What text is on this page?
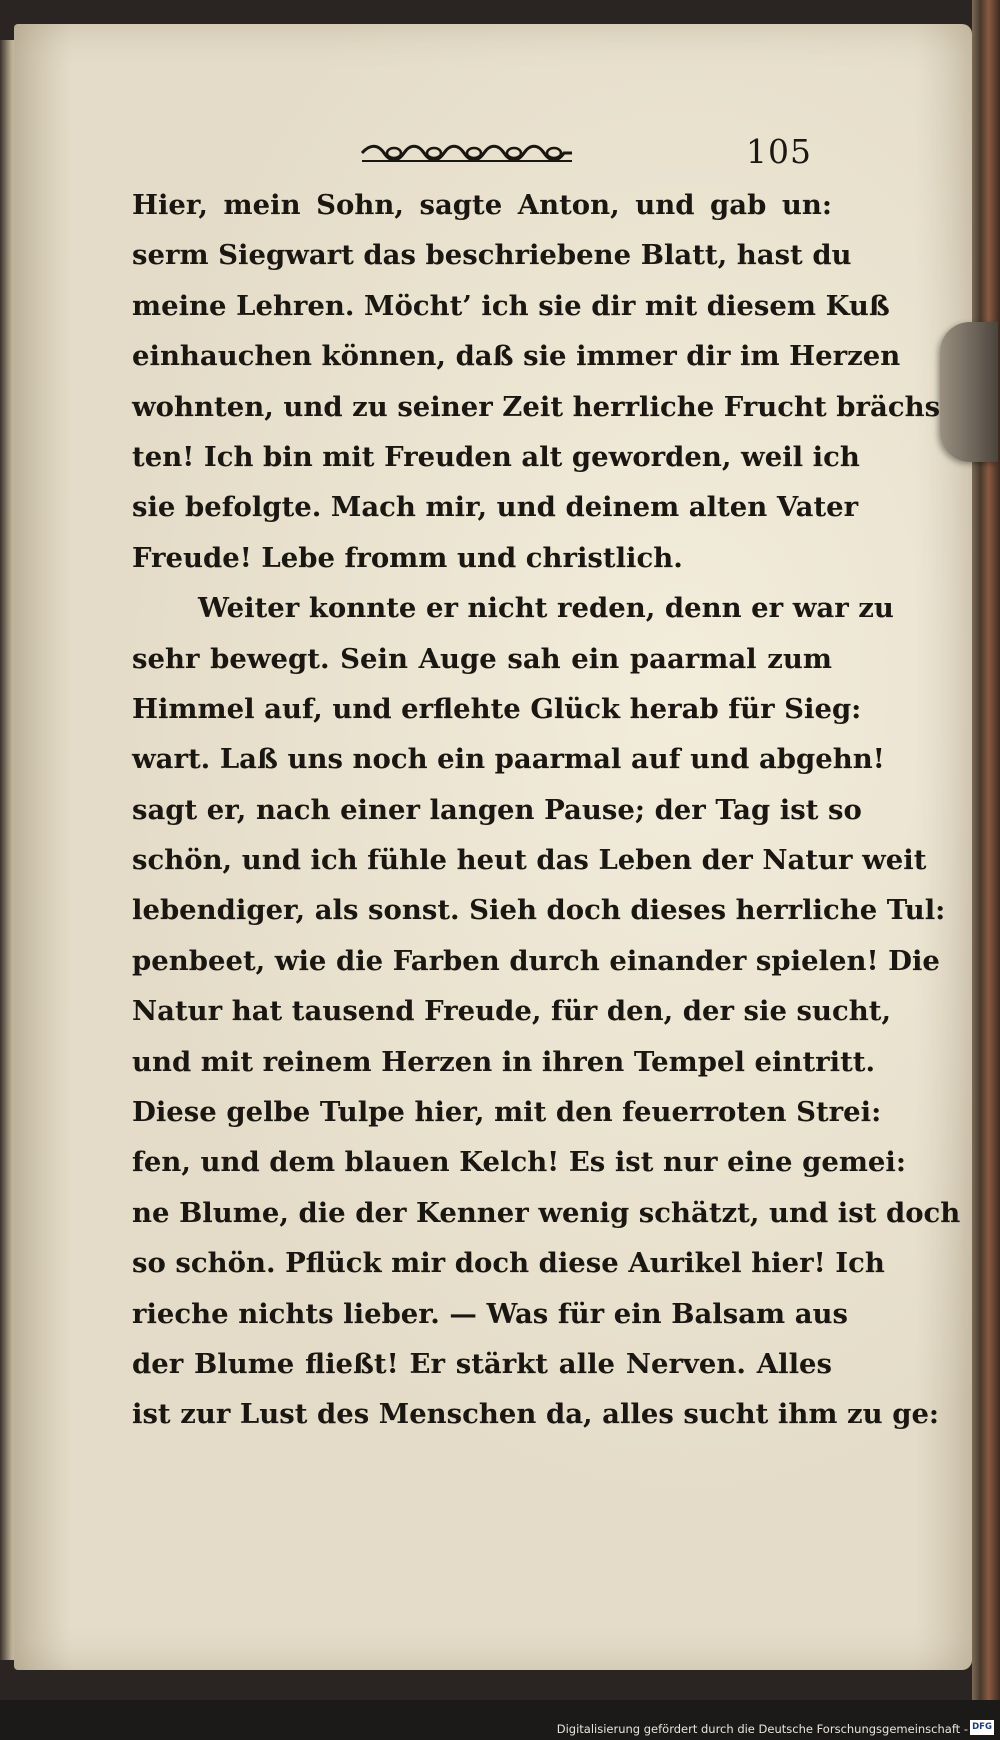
105
Hier, mein Sohn, sagte Anton, und gab un:
serm Siegwart das beschriebene Blatt, hast du
meine Lehren. Möcht’ ich sie dir mit diesem Kuß
einhauchen können, daß sie immer dir im Herzen
wohnten, und zu seiner Zeit herrliche Frucht brächs
ten! Ich bin mit Freuden alt geworden, weil ich
sie befolgte. Mach mir, und deinem alten Vater
Freude! Lebe fromm und christlich.
Weiter konnte er nicht reden, denn er war zu
sehr bewegt. Sein Auge sah ein paarmal zum
Himmel auf, und erflehte Glück herab für Sieg:
wart. Laß uns noch ein paarmal auf und abgehn!
sagt er, nach einer langen Pause; der Tag ist so
schön, und ich fühle heut das Leben der Natur weit
lebendiger, als sonst. Sieh doch dieses herrliche Tul:
penbeet, wie die Farben durch einander spielen! Die
Natur hat tausend Freude, für den, der sie sucht,
und mit reinem Herzen in ihren Tempel eintritt.
Diese gelbe Tulpe hier, mit den feuerroten Strei:
fen, und dem blauen Kelch! Es ist nur eine gemei:
ne Blume, die der Kenner wenig schätzt, und ist doch
so schön. Pflück mir doch diese Aurikel hier! Ich
rieche nichts lieber. — Was für ein Balsam aus
der Blume fließt! Er stärkt alle Nerven. Alles
ist zur Lust des Menschen da, alles sucht ihm zu ge:
Digitalisierung gefördert durch die Deutsche Forschungsgemeinschaft - DFG
